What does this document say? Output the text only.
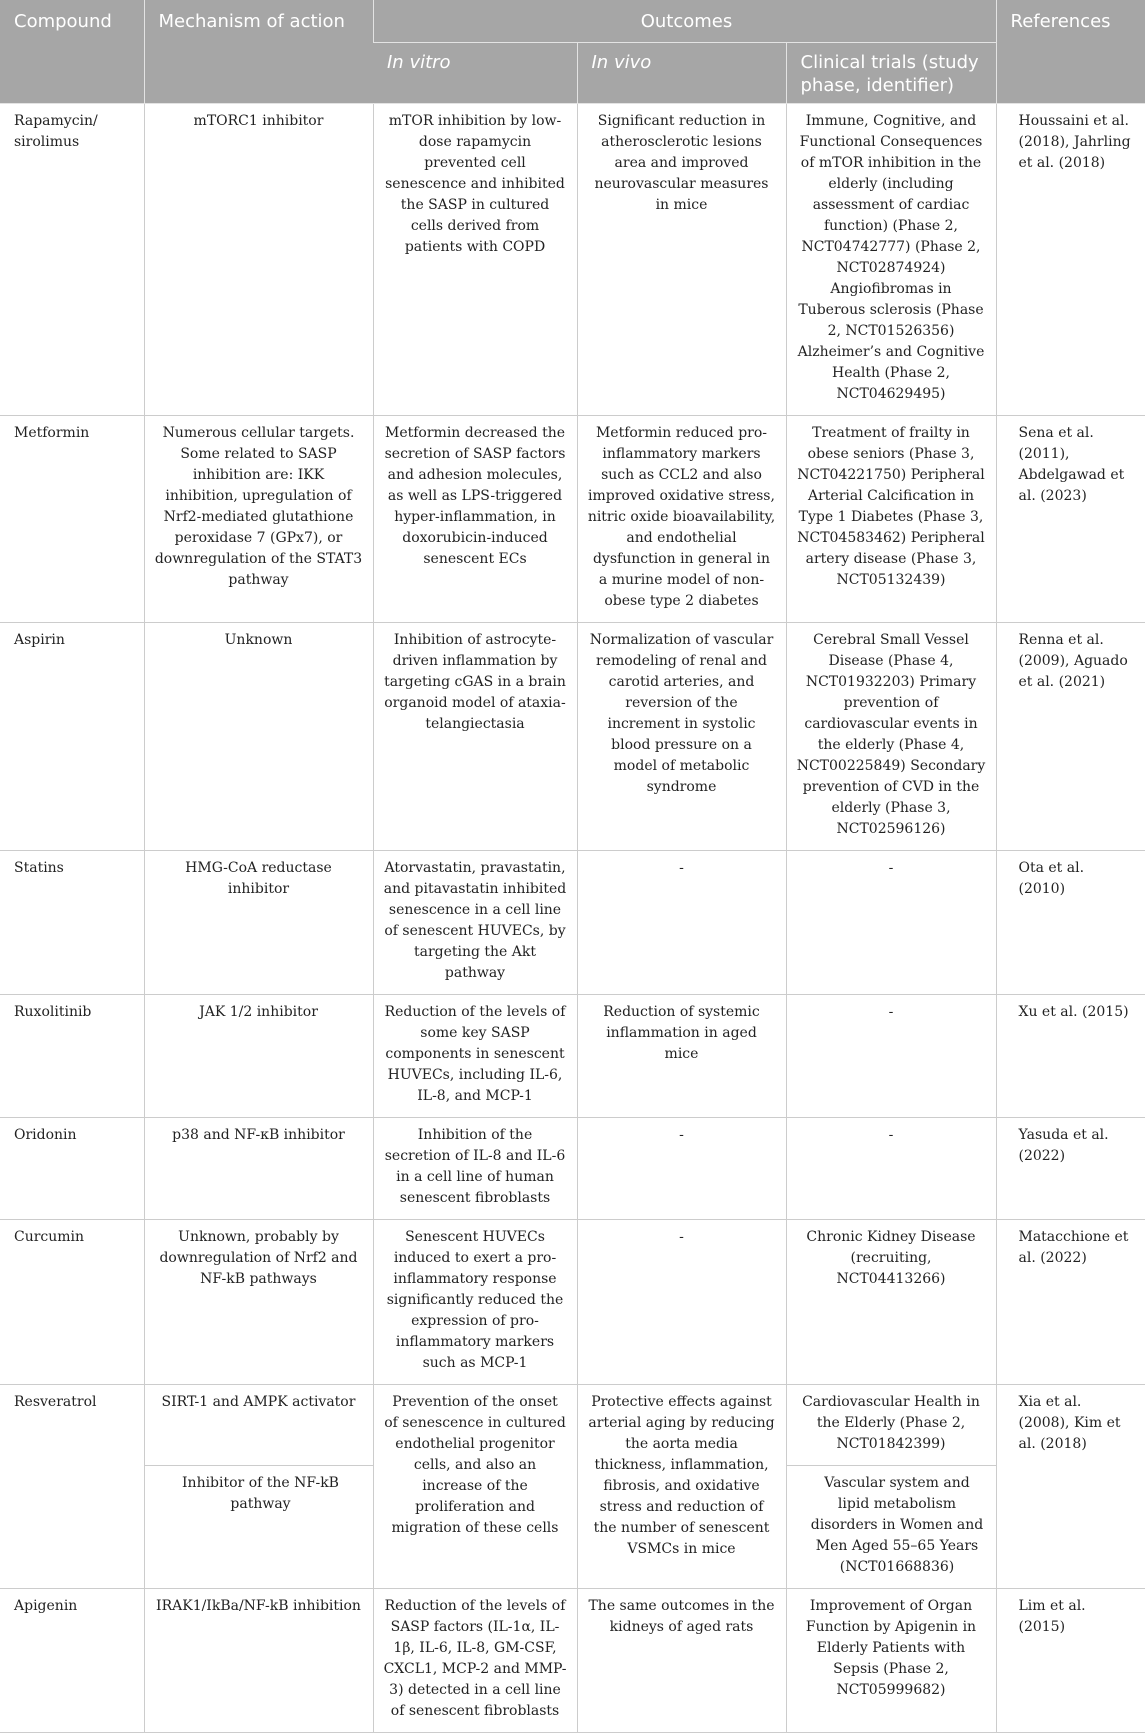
Compound	Mechanism of action	Outcomes			References
		In vitro	In vivo	Clinical trials (study phase, identifier)	
Rapamycin/ sirolimus	mTORC1 inhibitor	mTOR inhibition by low-dose rapamycin prevented cell senescence and inhibited the SASP in cultured cells derived from patients with COPD	Significant reduction in atherosclerotic lesions area and improved neurovascular measures in mice	Immune, Cognitive, and Functional Consequences of mTOR inhibition in the elderly (including assessment of cardiac function) (Phase 2, NCT04742777) (Phase 2, NCT02874924) Angiofibromas in Tuberous sclerosis (Phase 2, NCT01526356) Alzheimer’s and Cognitive Health (Phase 2, NCT04629495)	Houssaini et al. (2018), Jahrling et al. (2018)
Metformin	Numerous cellular targets. Some related to SASP inhibition are: IKK inhibition, upregulation of Nrf2-mediated glutathione peroxidase 7 (GPx7), or downregulation of the STAT3 pathway	Metformin decreased the secretion of SASP factors and adhesion molecules, as well as LPS-triggered hyper-inflammation, in doxorubicin-induced senescent ECs	Metformin reduced pro-inflammatory markers such as CCL2 and also improved oxidative stress, nitric oxide bioavailability, and endothelial dysfunction in general in a murine model of non-obese type 2 diabetes	Treatment of frailty in obese seniors (Phase 3, NCT04221750) Peripheral Arterial Calcification in Type 1 Diabetes (Phase 3, NCT04583462) Peripheral artery disease (Phase 3, NCT05132439)	Sena et al. (2011), Abdelgawad et al. (2023)
Aspirin	Unknown	Inhibition of astrocyte-driven inflammation by targeting cGAS in a brain organoid model of ataxia-telangiectasia	Normalization of vascular remodeling of renal and carotid arteries, and reversion of the increment in systolic blood pressure on a model of metabolic syndrome	Cerebral Small Vessel Disease (Phase 4, NCT01932203) Primary prevention of cardiovascular events in the elderly (Phase 4, NCT00225849) Secondary prevention of CVD in the elderly (Phase 3, NCT02596126)	Renna et al. (2009), Aguado et al. (2021)
Statins	HMG-CoA reductase inhibitor	Atorvastatin, pravastatin, and pitavastatin inhibited senescence in a cell line of senescent HUVECs, by targeting the Akt pathway	-	-	Ota et al. (2010)
Ruxolitinib	JAK 1/2 inhibitor	Reduction of the levels of some key SASP components in senescent HUVECs, including IL-6, IL-8, and MCP-1	Reduction of systemic inflammation in aged mice	-	Xu et al. (2015)
Oridonin	p38 and NF-κB inhibitor	Inhibition of the secretion of IL-8 and IL-6 in a cell line of human senescent fibroblasts	-	-	Yasuda et al. (2022)
Curcumin	Unknown, probably by downregulation of Nrf2 and NF-kB pathways	Senescent HUVECs induced to exert a pro-inflammatory response significantly reduced the expression of pro-inflammatory markers such as MCP-1	-	Chronic Kidney Disease (recruiting, NCT04413266)	Matacchione et al. (2022)
Resveratrol	SIRT-1 and AMPK activator	Prevention of the onset of senescence in cultured endothelial progenitor cells, and also an increase of the proliferation and migration of these cells	Protective effects against arterial aging by reducing the aorta media thickness, inflammation, fibrosis, and oxidative stress and reduction of the number of senescent VSMCs in mice	Cardiovascular Health in the Elderly (Phase 2, NCT01842399)	Xia et al. (2008), Kim et al. (2018)
	Inhibitor of the NF-kB pathway			Vascular system and lipid metabolism disorders in Women and Men Aged 55–65 Years (NCT01668836)	
Apigenin	IRAK1/IkBa/NF-kB inhibition	Reduction of the levels of SASP factors (IL-1α, IL-1β, IL-6, IL-8, GM-CSF, CXCL1, MCP-2 and MMP-3) detected in a cell line of senescent fibroblasts	The same outcomes in the kidneys of aged rats	Improvement of Organ Function by Apigenin in Elderly Patients with Sepsis (Phase 2, NCT05999682)	Lim et al. (2015)
